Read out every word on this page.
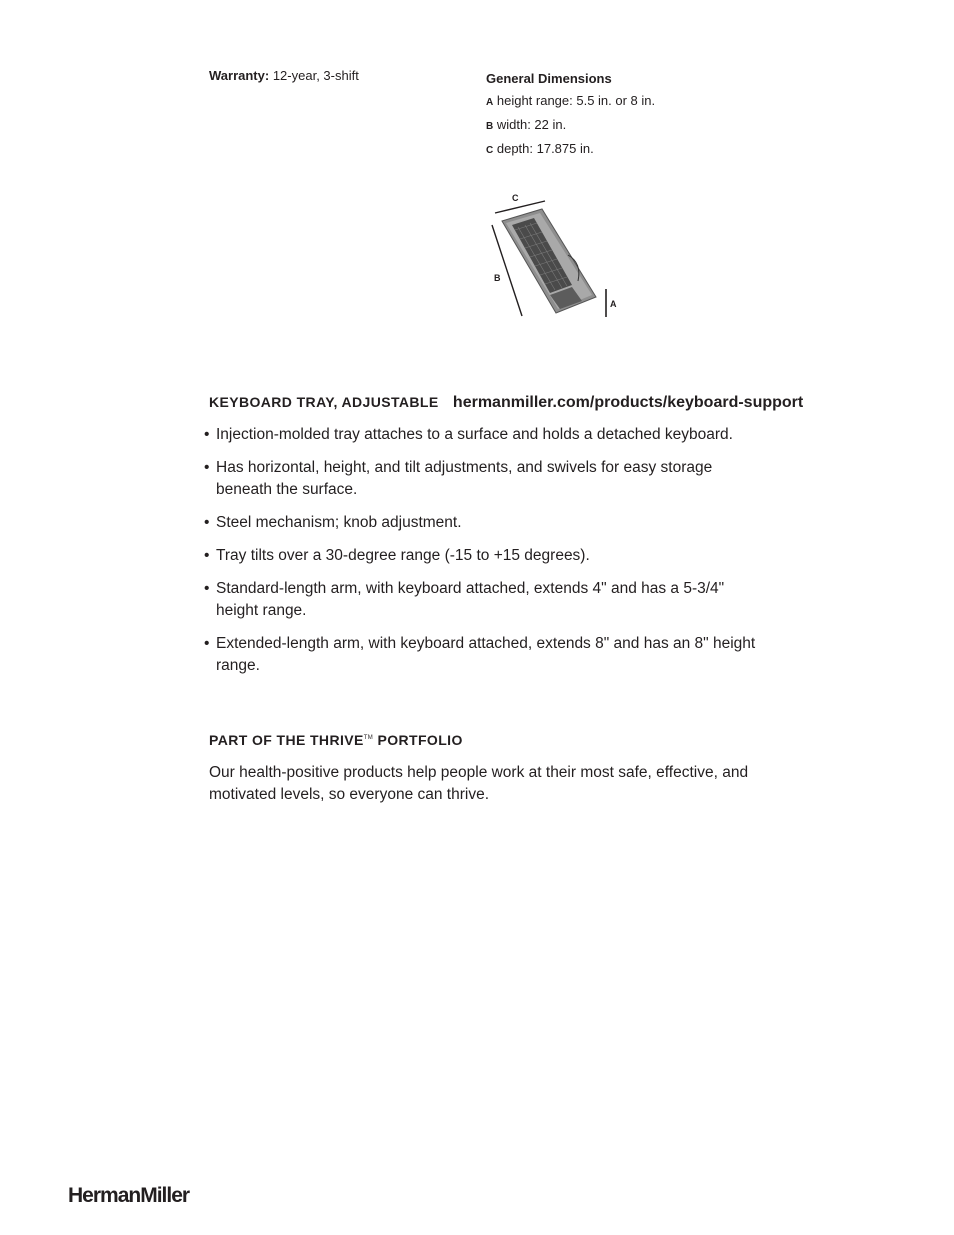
Warranty: 12-year, 3-shift	General Dimensions
A height range: 5.5 in. or 8 in.
B width: 22 in.
C depth: 17.875 in.
C
B
A
KEYBOARD TRAY, ADJUSTABLE hermanmiller.com/products/keyboard-support
• Injection-molded tray attaches to a surface and holds a detached keyboard.
• Has horizontal, height, and tilt adjustments, and swivels for easy storage beneath the surface.
• Steel mechanism; knob adjustment.
• Tray tilts over a 30-degree range (-15 to +15 degrees).
• Standard-length arm, with keyboard attached, extends 4" and has a 5-3/4" height range.
• Extended-length arm, with keyboard attached, extends 8" and has an 8" height range.
PART OF THE THRIVE™ PORTFOLIO
Our health-positive products help people work at their most safe, effective, and motivated levels, so everyone can thrive.
HermanMiller
